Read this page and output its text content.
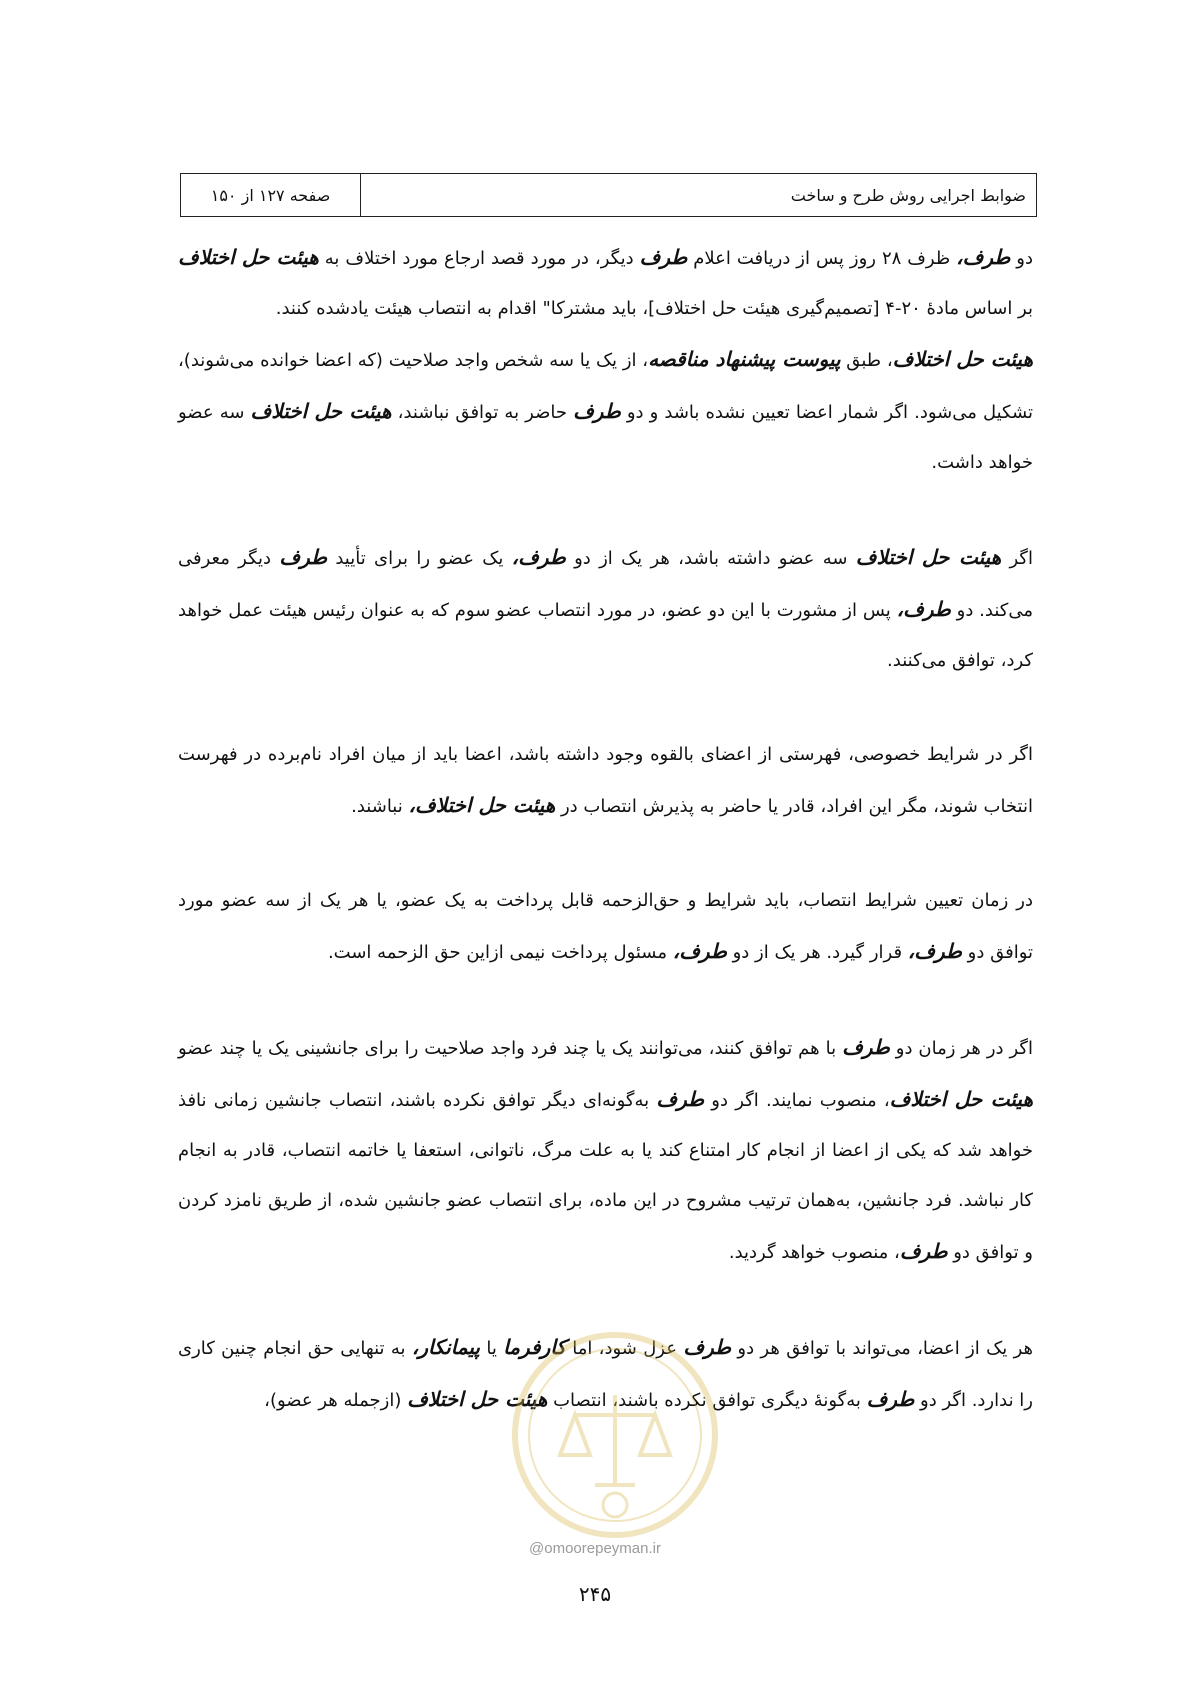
ضوابط اجرایی روش طرح و ساخت
صفحه ۱۲۷ از ۱۵۰

دو طرف، ظرف ۲۸ روز پس از دریافت اعلام طرف دیگر، در مورد قصد ارجاع مورد اختلاف به هیئت حل اختلاف بر اساس مادهٔ ۲۰-۴ [تصمیم‌گیری هیئت حل اختلاف]، باید مشترکا" اقدام به انتصاب هیئت یادشده کنند.

هیئت حل اختلاف، طبق پیوست پیشنهاد مناقصه، از یک یا سه شخص واجد صلاحیت (که اعضا خوانده می‌شوند)، تشکیل می‌شود. اگر شمار اعضا تعیین نشده باشد و دو طرف حاضر به توافق نباشند، هیئت حل اختلاف سه عضو خواهد داشت.

اگر هیئت حل اختلاف سه عضو داشته باشد، هر یک از دو طرف، یک عضو را برای تأیید طرف دیگر معرفی می‌کند. دو طرف، پس از مشورت با این دو عضو، در مورد انتصاب عضو سوم که به عنوان رئیس هیئت عمل خواهد کرد، توافق می‌کنند.

اگر در شرایط خصوصی، فهرستی از اعضای بالقوه وجود داشته باشد، اعضا باید از میان افراد نام‌برده در فهرست انتخاب شوند، مگر این افراد، قادر یا حاضر به پذیرش انتصاب در هیئت حل اختلاف، نباشند.

در زمان تعیین شرایط انتصاب، باید شرایط و حق‌الزحمه قابل پرداخت به یک عضو، یا هر یک از سه عضو مورد توافق دو طرف، قرار گیرد. هر یک از دو طرف، مسئول پرداخت نیمی ازاین حق الزحمه است.

اگر در هر زمان دو طرف با هم توافق کنند، می‌توانند یک یا چند فرد واجد صلاحیت را برای جانشینی یک یا چند عضو هیئت حل اختلاف، منصوب نمایند. اگر دو طرف به‌گونه‌ای دیگر توافق نکرده باشند، انتصاب جانشین زمانی نافذ خواهد شد که یکی از اعضا از انجام کار امتناع کند یا به علت مرگ، ناتوانی، استعفا یا خاتمه انتصاب، قادر به انجام کار نباشد. فرد جانشین، به‌همان ترتیب مشروح در این ماده، برای انتصاب عضو جانشین شده، از طریق نامزد کردن و توافق دو طرف، منصوب خواهد گردید.

هر یک از اعضا، می‌تواند با توافق هر دو طرف عزل شود، اما کارفرما یا پیمانکار، به تنهایی حق انجام چنین کاری را ندارد. اگر دو طرف به‌گونهٔ دیگری توافق نکرده باشند، انتصاب هیئت حل اختلاف (ازجمله هر عضو)،

@omoorepeyman.ir
۲۴۵
